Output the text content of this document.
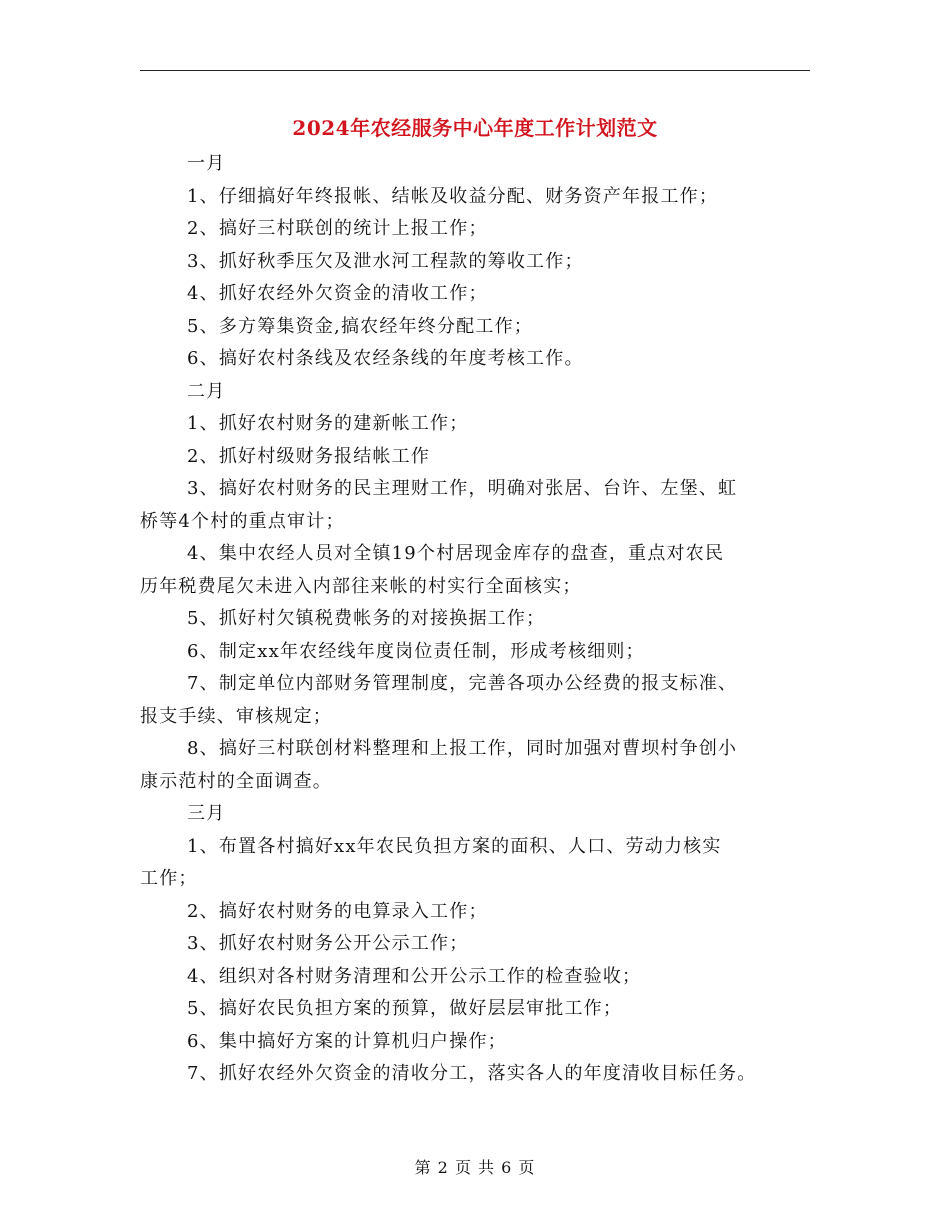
2024年农经服务中心年度工作计划范文
一月
1、仔细搞好年终报帐、结帐及收益分配、财务资产年报工作；
2、搞好三村联创的统计上报工作；
3、抓好秋季压欠及泄水河工程款的筹收工作；
4、抓好农经外欠资金的清收工作；
5、多方筹集资金,搞农经年终分配工作；
6、搞好农村条线及农经条线的年度考核工作。
二月
1、抓好农村财务的建新帐工作；
2、抓好村级财务报结帐工作
3、搞好农村财务的民主理财工作，明确对张居、台许、左堡、虹
桥等4个村的重点审计；
4、集中农经人员对全镇19个村居现金库存的盘查，重点对农民
历年税费尾欠未进入内部往来帐的村实行全面核实；
5、抓好村欠镇税费帐务的对接换据工作；
6、制定xx年农经线年度岗位责任制，形成考核细则；
7、制定单位内部财务管理制度，完善各项办公经费的报支标准、
报支手续、审核规定；
8、搞好三村联创材料整理和上报工作，同时加强对曹坝村争创小
康示范村的全面调查。
三月
1、布置各村搞好xx年农民负担方案的面积、人口、劳动力核实
工作；
2、搞好农村财务的电算录入工作；
3、抓好农村财务公开公示工作；
4、组织对各村财务清理和公开公示工作的检查验收；
5、搞好农民负担方案的预算，做好层层审批工作；
6、集中搞好方案的计算机归户操作；
7、抓好农经外欠资金的清收分工，落实各人的年度清收目标任务。
第 2 页 共 6 页
